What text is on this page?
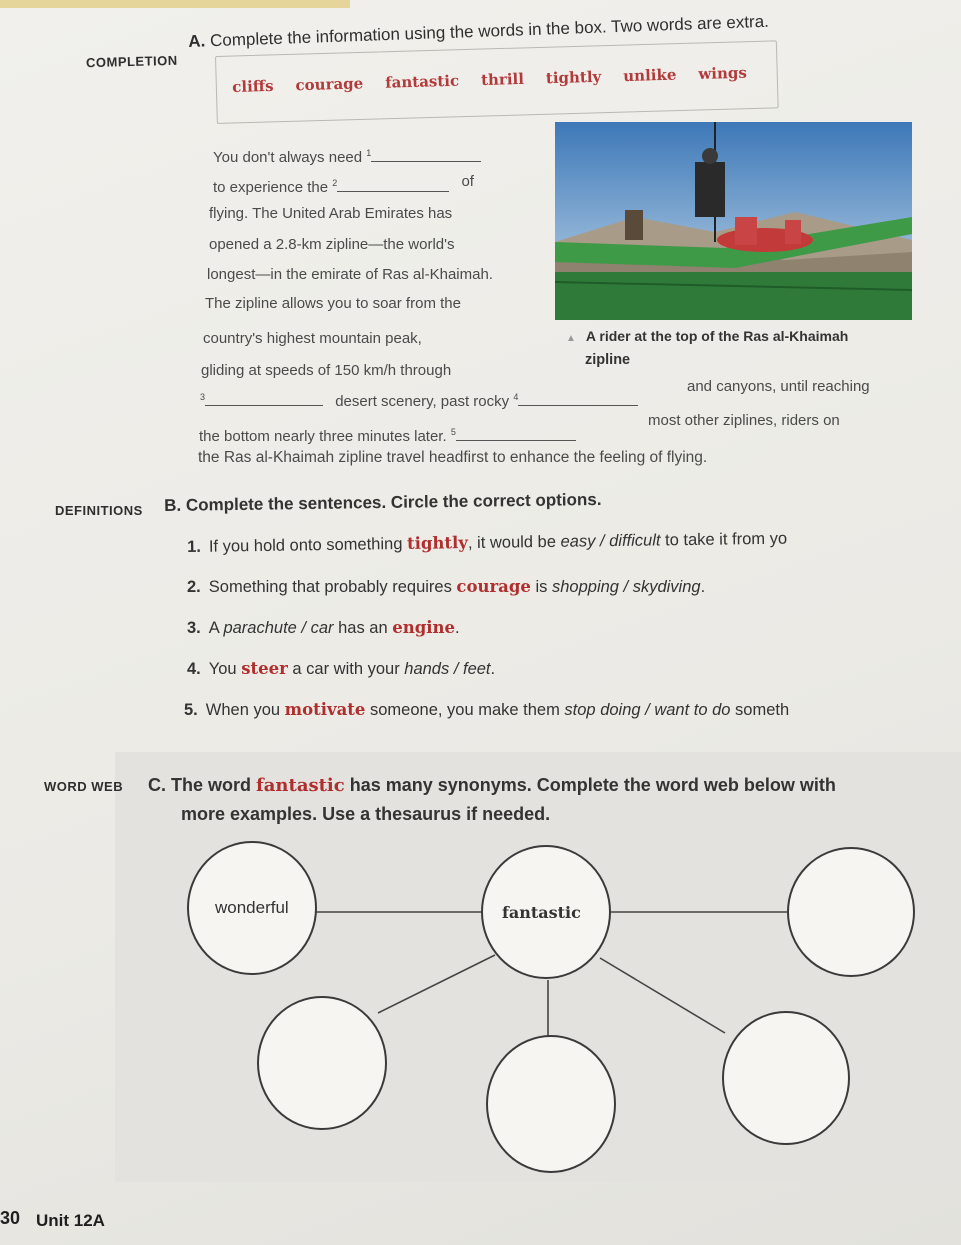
COMPLETION
A. Complete the information using the words in the box. Two words are extra.
cliffs courage fantastic thrill tightly unlike wings
You don't always need $^1$
to experience the $^2$	of
flying. The United Arab Emirates has
opened a 2.8-km zipline—the world's
longest—in the emirate of Ras al-Khaimah.
The zipline allows you to soar from the
country's highest mountain peak,
gliding at speeds of 150 km/h through
$^3$	desert scenery, past rocky $^4$
and canyons, until reaching
the bottom nearly three minutes later. $^5$
most other ziplines, riders on
the Ras al-Khaimah zipline travel headfirst to enhance the feeling of flying.
▲ A rider at the top of the Ras al-Khaimah
zipline
DEFINITIONS B. Complete the sentences. Circle the correct options.
1. If you hold onto something tightly, it would be easy / difficult to take it from yo
2. Something that probably requires courage is shopping / skydiving.
3. A parachute / car has an engine.
4. You steer a car with your hands / feet.
5. When you motivate someone, you make them stop doing / want to do someth
WORD WEB C. The word fantastic has many synonyms. Complete the word web below with
more examples. Use a thesaurus if needed.
wonderful	fantastic
30 Unit 12A
